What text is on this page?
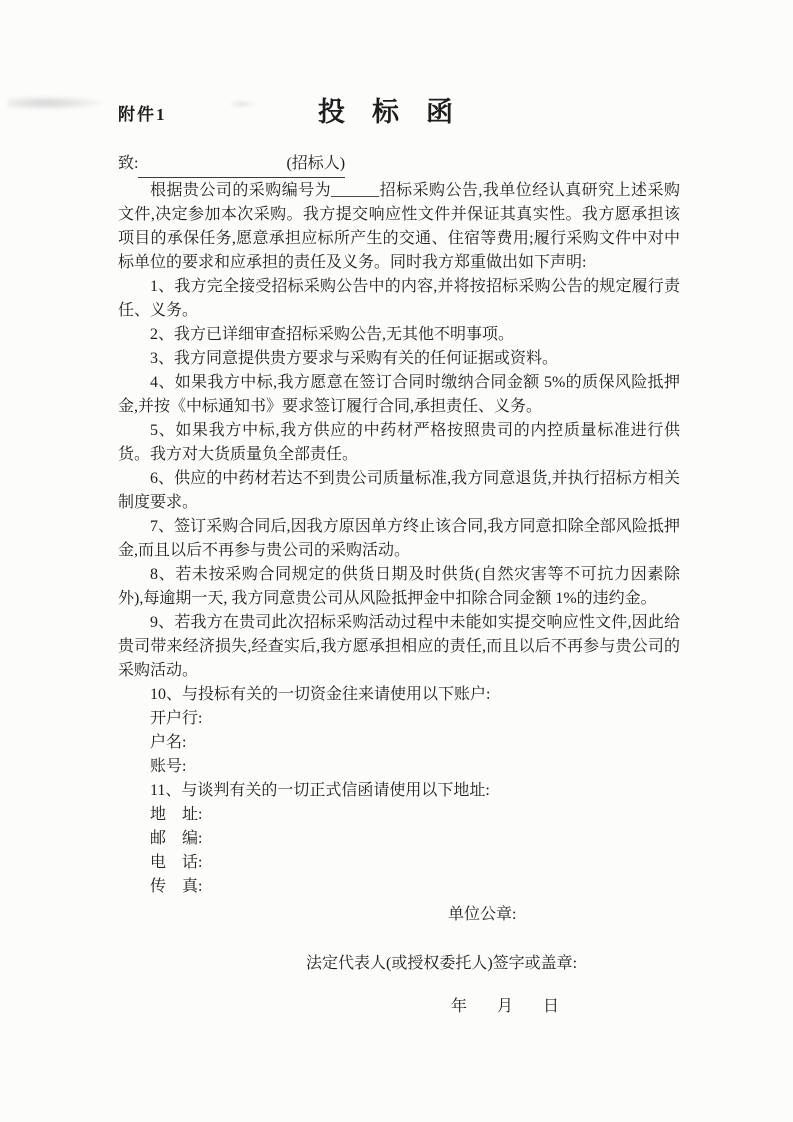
附件1	投标函
致:	(招标人)

根据贵公司的采购编号为______招标采购公告,我单位经认真研究上述采购文件,决定参加本次采购。我方提交响应性文件并保证其真实性。我方愿承担该项目的承保任务,愿意承担应标所产生的交通、住宿等费用;履行采购文件中对中标单位的要求和应承担的责任及义务。同时我方郑重做出如下声明:

1、我方完全接受招标采购公告中的内容,并将按招标采购公告的规定履行责任、义务。

2、我方已详细审查招标采购公告,无其他不明事项。

3、我方同意提供贵方要求与采购有关的任何证据或资料。

4、如果我方中标,我方愿意在签订合同时缴纳合同金额 5%的质保风险抵押金,并按《中标通知书》要求签订履行合同,承担责任、义务。

5、如果我方中标,我方供应的中药材严格按照贵司的内控质量标准进行供货。我方对大货质量负全部责任。

6、供应的中药材若达不到贵公司质量标准,我方同意退货,并执行招标方相关制度要求。

7、签订采购合同后,因我方原因单方终止该合同,我方同意扣除全部风险抵押金,而且以后不再参与贵公司的采购活动。

8、若未按采购合同规定的供货日期及时供货(自然灾害等不可抗力因素除外),每逾期一天, 我方同意贵公司从风险抵押金中扣除合同金额 1%的违约金。

9、若我方在贵司此次招标采购活动过程中未能如实提交响应性文件,因此给贵司带来经济损失,经查实后,我方愿承担相应的责任,而且以后不再参与贵公司的采购活动。

10、与投标有关的一切资金往来请使用以下账户:

开户行:

户名:

账号:

11、与谈判有关的一切正式信函请使用以下地址:

地　址:

邮　编:

电　话:

传　真:

单位公章:
法定代表人(或授权委托人)签字或盖章:
年　月　日
